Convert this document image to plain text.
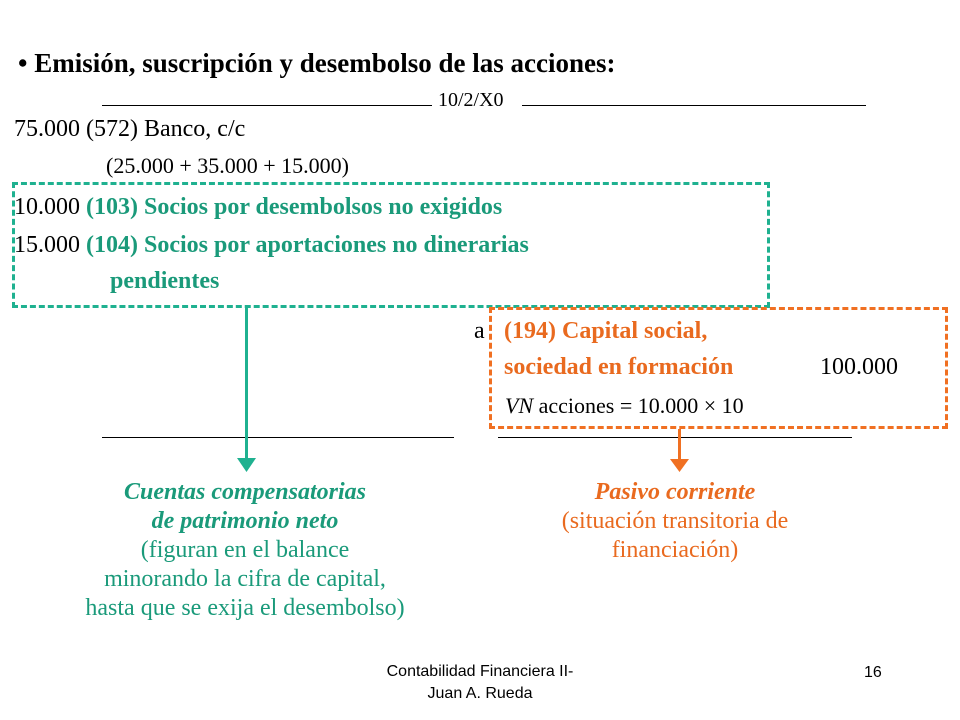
• Emisión, suscripción y desembolso de las acciones:
10/2/X0
75.000 (572) Banco, c/c
(25.000 + 35.000 + 15.000)
10.000 (103) Socios por desembolsos no exigidos
15.000 (104) Socios por aportaciones no dinerarias
pendientes
a (194) Capital social,
sociedad en formación	100.000
VN acciones = 10.000 × 10
Cuentas compensatorias
de patrimonio neto
(figuran en el balance
minorando la cifra de capital,
hasta que se exija el desembolso)
Pasivo corriente
(situación transitoria de
financiación)
Contabilidad Financiera II-
Juan A. Rueda
16
